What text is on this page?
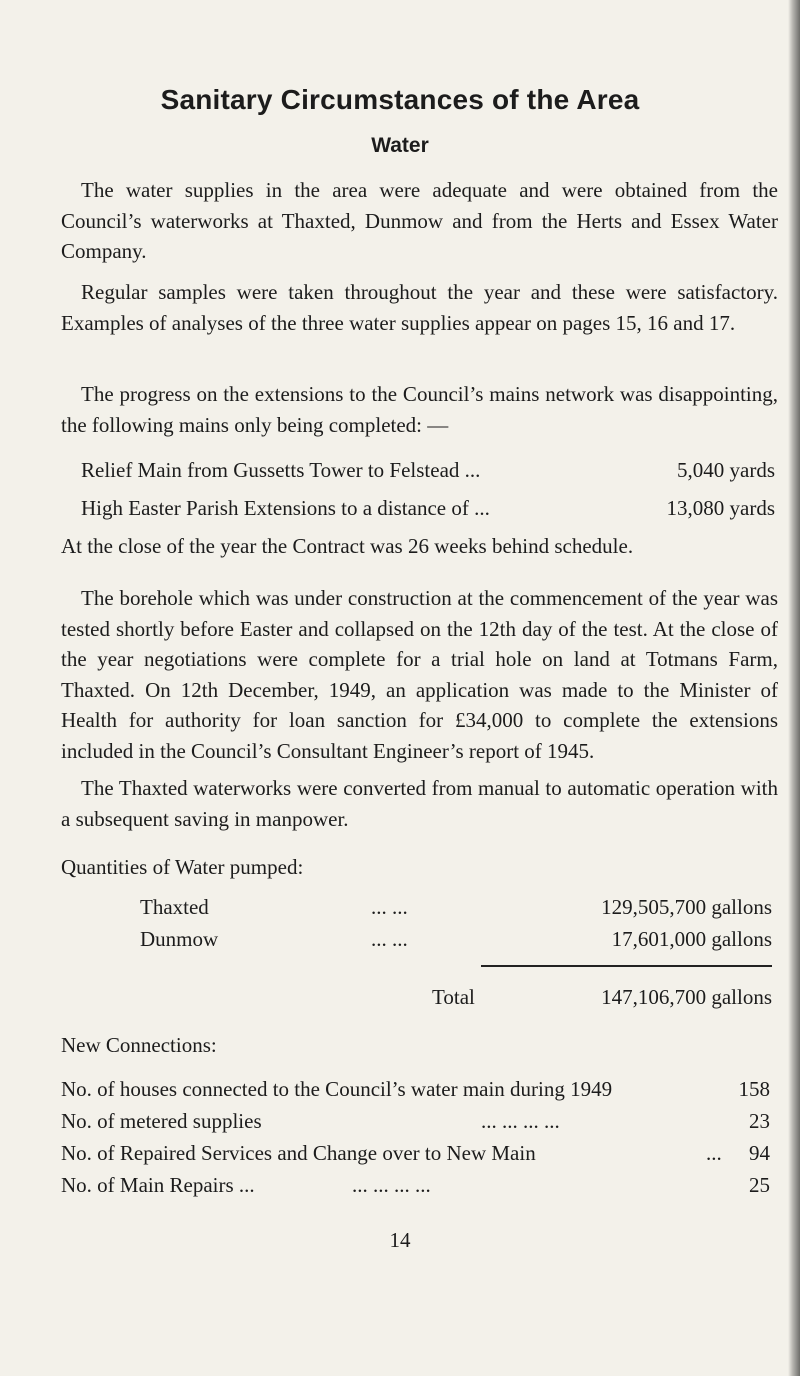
Sanitary Circumstances of the Area
Water

The water supplies in the area were adequate and were obtained from the Council’s waterworks at Thaxted, Dunmow and from the Herts and Essex Water Company.

Regular samples were taken throughout the year and these were satisfactory. Examples of analyses of the three water supplies appear on pages 15, 16 and 17.

The progress on the extensions to the Council’s mains network was disappointing, the following mains only being completed: —

Relief Main from Gussetts Tower to Felstead ...	5,040 yards
High Easter Parish Extensions to a distance of ...	13,080 yards
At the close of the year the Contract was 26 weeks behind schedule.

The borehole which was under construction at the commencement of the year was tested shortly before Easter and collapsed on the 12th day of the test. At the close of the year negotiations were complete for a trial hole on land at Totmans Farm, Thaxted. On 12th December, 1949, an application was made to the Minister of Health for authority for loan sanction for £34,000 to complete the extensions included in the Council’s Consultant Engineer’s report of 1945.

The Thaxted waterworks were converted from manual to automatic operation with a subsequent saving in manpower.

Quantities of Water pumped:
Thaxted	... ...	129,505,700 gallons
Dunmow	... ...	17,601,000 gallons
Total	147,106,700 gallons
New Connections:
No. of houses connected to the Council’s water main during 1949	158
No. of metered supplies	... ... ... ...	23
No. of Repaired Services and Change over to New Main	... 94
No. of Main Repairs ...	... ... ... ...	25
14
